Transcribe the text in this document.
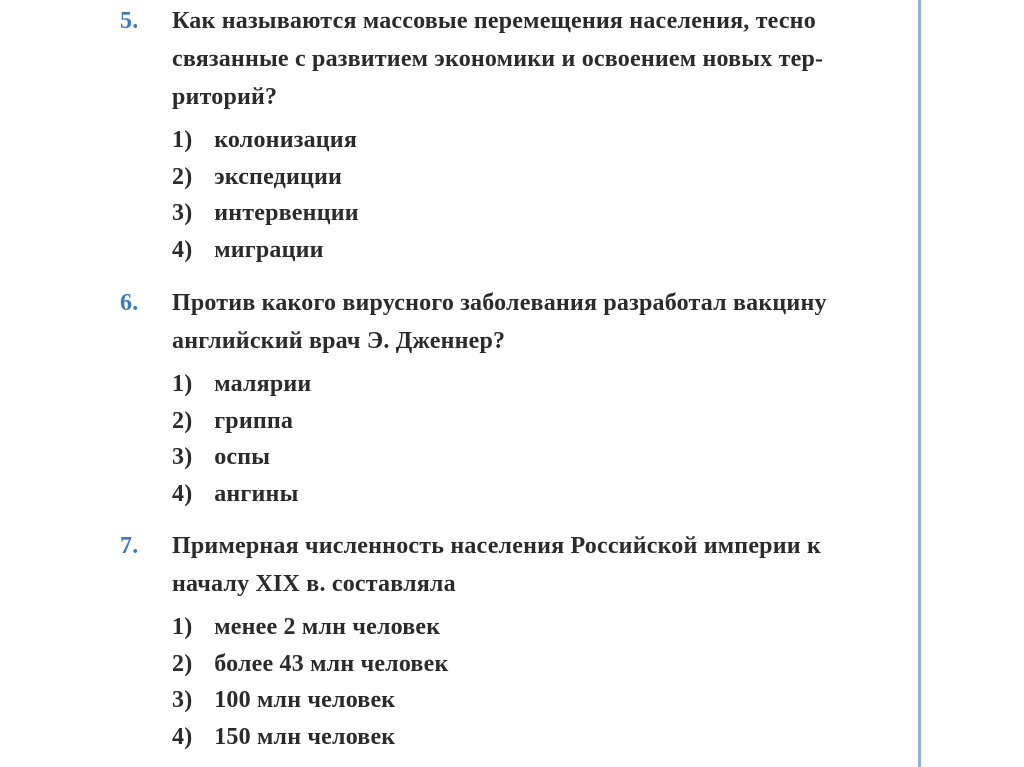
5. Как называются массовые перемещения населения, тесно
связанные с развитием экономики и освоением новых тер-
риторий?
1) колонизация
2) экспедиции
3) интервенции
4) миграции
6. Против какого вирусного заболевания разработал вакцину
английский врач Э. Дженнер?
1) малярии
2) гриппа
3) оспы
4) ангины
7. Примерная численность населения Российской империи к
началу XIX в. составляла
1) менее 2 млн человек
2) более 43 млн человек
3) 100 млн человек
4) 150 млн человек
